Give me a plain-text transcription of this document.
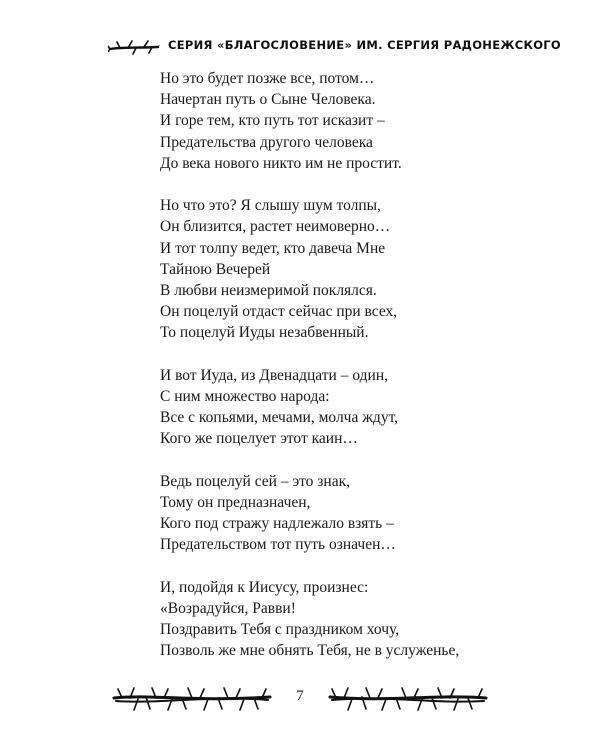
СЕРИЯ «БЛАГОСЛОВЕНИЕ» ИМ. СЕРГИЯ РАДОНЕЖСКОГО
Но это будет позже все, потом…
Начертан путь о Сыне Человека.
И горе тем, кто путь тот исказит –
Предательства другого человека
До века нового никто им не простит.
Но что это? Я слышу шум толпы,
Он близится, растет неимоверно…
И тот толпу ведет, кто давеча Мне
Тайною Вечерей
В любви неизмеримой поклялся.
Он поцелуй отдаст сейчас при всех,
То поцелуй Иуды незабвенный.
И вот Иуда, из Двенадцати – один,
С ним множество народа:
Все с копьями, мечами, молча ждут,
Кого же поцелует этот каин…
Ведь поцелуй сей – это знак,
Тому он предназначен,
Кого под стражу надлежало взять –
Предательством тот путь означен…
И, подойдя к Иисусу, произнес:
«Возрадуйся, Равви!
Поздравить Тебя с праздником хочу,
Позволь же мне обнять Тебя, не в услуженье,
7
